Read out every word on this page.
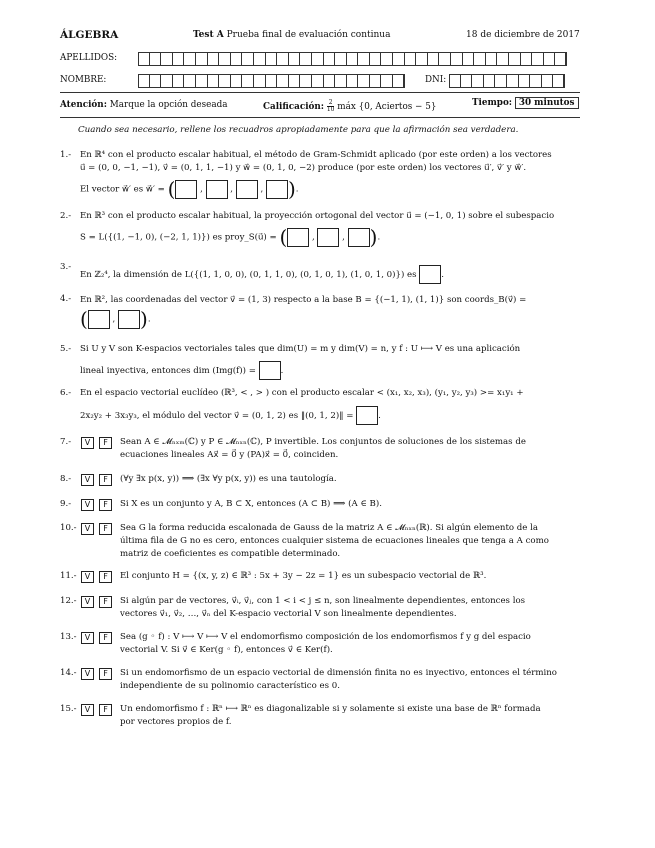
ÁLGEBRA	Test A Prueba final de evaluación continua	18 de diciembre de 2017
APELLIDOS:
NOMBRE:	DNI:
Atención: Marque la opción deseada	Calificación: $\frac{2}{10}$ máx {0, Aciertos − 5}	Tiempo: 30 minutos
Cuando sea necesario, rellene los recuadros apropiadamente para que la afirmación sea verdadera.
1.- En ℝ⁴ con el producto escalar habitual, el método de Gram-Schmidt aplicado (por este orden) a los vectores
u⃗ = (0, 0, −1, −1), v⃗ = (0, 1, 1, −1) y w⃗ = (0, 1, 0, −2) produce (por este orden) los vectores u⃗′, v⃗′ y w⃗′.
El vector w⃗′ es w⃗′ = (	,	,	, ).
2.- En ℝ³ con el producto escalar habitual, la proyección ortogonal del vector u⃗ = (−1, 0, 1) sobre el subespacio
S = L({(1, −1, 0), (−2, 1, 1)}) es proy_S(u⃗) = (	,	, ).
3.-
En ℤ₂⁴, la dimensión de L({(1, 1, 0, 0), (0, 1, 1, 0), (0, 1, 0, 1), (1, 0, 1, 0)}) es	.
4.- En ℝ², las coordenadas del vector v⃗ = (1, 3) respecto a la base B = {(−1, 1), (1, 1)} son coords_B(v⃗) =
(	, ).
5.- Si U y V son K-espacios vectoriales tales que dim(U) = m y dim(V) = n, y f : U ⟼ V es una aplicación
lineal inyectiva, entonces dim (Img(f)) =	.
6.- En el espacio vectorial euclídeo (ℝ³, < , > ) con el producto escalar < (x₁, x₂, x₃), (y₁, y₂, y₃) >= x₁y₁ +
2x₂y₂ + 3x₃y₃, el módulo del vector v⃗ = (0, 1, 2) es ‖(0, 1, 2)‖ =	.
7.-	V	F	Sean A ∈ 𝓜ₙₓₘ(ℂ) y P ∈ 𝓜ₙₓₙ(ℂ), P invertible. Los conjuntos de soluciones de los sistemas de
ecuaciones lineales Ax⃗ = 0⃗ y (PA)x⃗ = 0⃗, coinciden.
8.-	V	F	(∀y ∃x p(x, y)) ⟹ (∃x ∀y p(x, y)) es una tautología.
9.-	V	F	Si X es un conjunto y A, B ⊂ X, entonces (A ⊂ B) ⟹ (A ∈ B).
10.-	V	F	Sea G la forma reducida escalonada de Gauss de la matriz A ∈ 𝓜ₙₓₙ(ℝ). Si algún elemento de la
última fila de G no es cero, entonces cualquier sistema de ecuaciones lineales que tenga a A como
matriz de coeficientes es compatible determinado.
11.-	V	F	El conjunto H = {(x, y, z) ∈ ℝ³ : 5x + 3y − 2z = 1} es un subespacio vectorial de ℝ³.
12.-	V	F	Si algún par de vectores, v⃗ᵢ, v⃗ⱼ, con 1 < i < j ≤ n, son linealmente dependientes, entonces los
vectores v⃗₁, v⃗₂, …, v⃗ₙ del K-espacio vectorial V son linealmente dependientes.
13.-	V	F	Sea (g ◦ f) : V ⟼ V ⟼ V el endomorfismo composición de los endomorfismos f y g del espacio
vectorial V. Si v⃗ ∈ Ker(g ◦ f), entonces v⃗ ∈ Ker(f).
14.-	V	F	Si un endomorfismo de un espacio vectorial de dimensión finita no es inyectivo, entonces el término
independiente de su polinomio característico es 0.
15.-	V	F	Un endomorfismo f : ℝⁿ ⟼ ℝⁿ es diagonalizable si y solamente si existe una base de ℝⁿ formada
por vectores propios de f.
